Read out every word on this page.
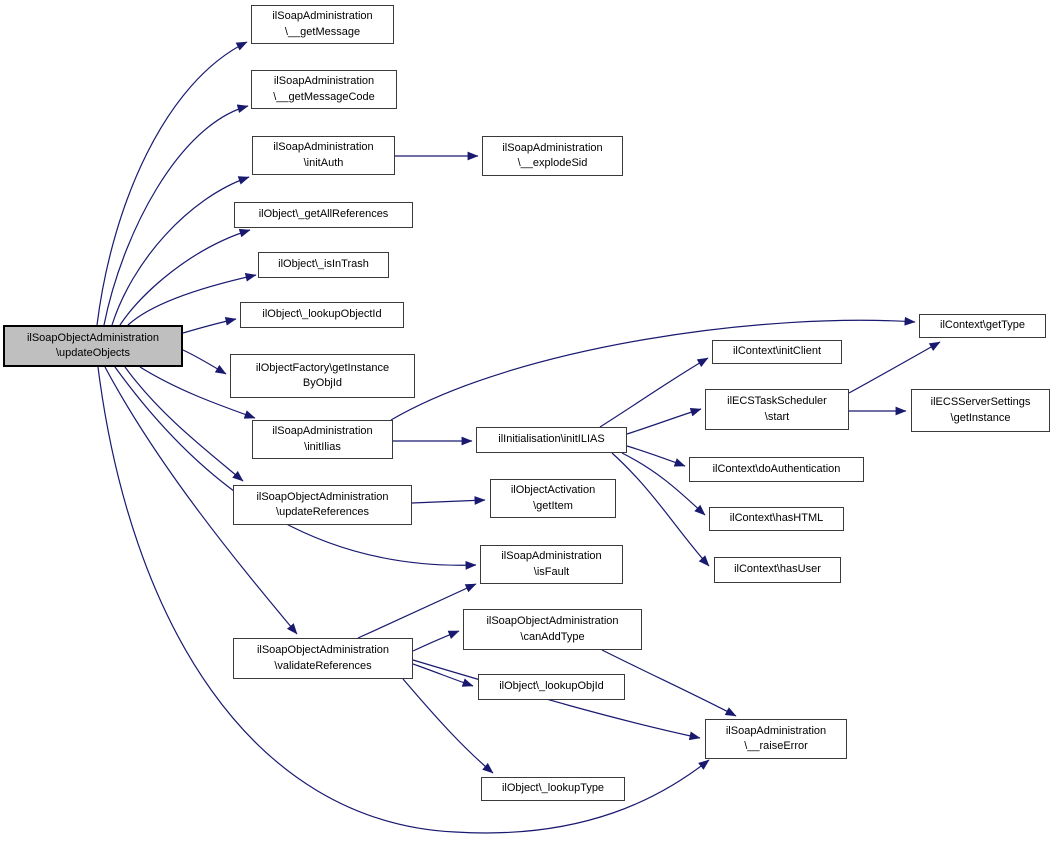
ilSoapObjectAdministration
\updateObjects
ilSoapAdministration
\__getMessage
ilSoapAdministration
\__getMessageCode
ilSoapAdministration
\initAuth
ilSoapAdministration
\__explodeSid
ilObject\_getAllReferences
ilObject\_isInTrash
ilObject\_lookupObjectId
ilObjectFactory\getInstance
ByObjId
ilSoapAdministration
\initIlias
ilSoapObjectAdministration
\updateReferences
ilInitialisation\initILIAS
ilObjectActivation
\getItem
ilSoapAdministration
\isFault
ilContext\getType
ilContext\initClient
ilECSTaskScheduler
\start
ilECSServerSettings
\getInstance
ilContext\doAuthentication
ilContext\hasHTML
ilContext\hasUser
ilSoapObjectAdministration
\validateReferences
ilSoapObjectAdministration
\canAddType
ilObject\_lookupObjId
ilSoapAdministration
\__raiseError
ilObject\_lookupType
